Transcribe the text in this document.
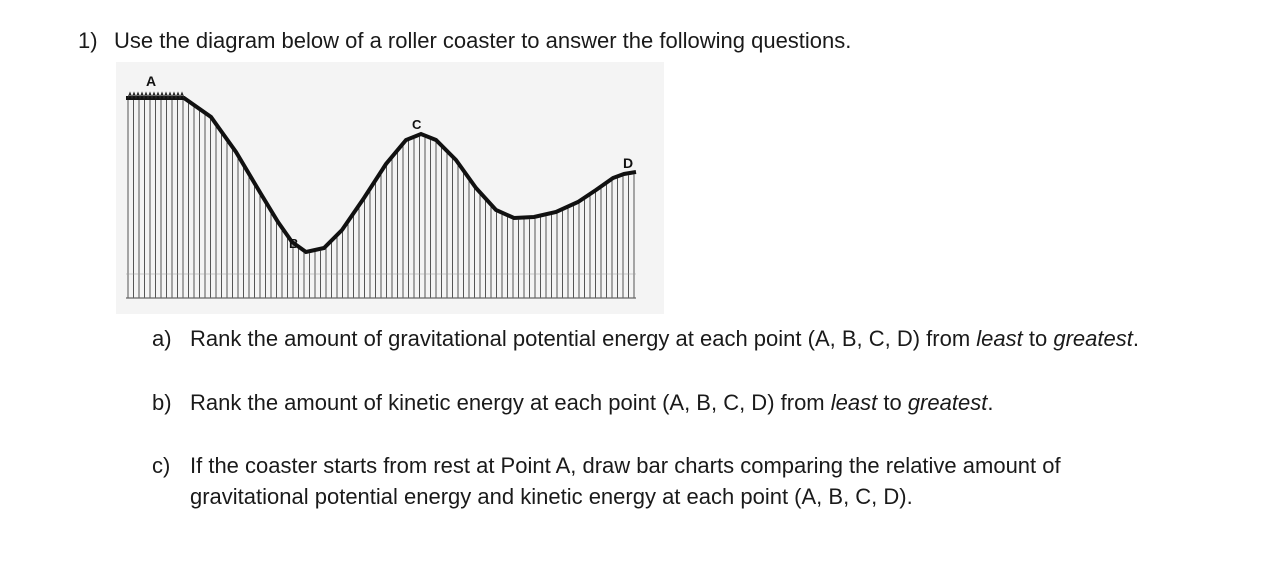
1) Use the diagram below of a roller coaster to answer the following questions.
A
B
C
D
a) Rank the amount of gravitational potential energy at each point (A, B, C, D) from least to greatest.
b) Rank the amount of kinetic energy at each point (A, B, C, D) from least to greatest.
c) If the coaster starts from rest at Point A, draw bar charts comparing the relative amount of
gravitational potential energy and kinetic energy at each point (A, B, C, D).
